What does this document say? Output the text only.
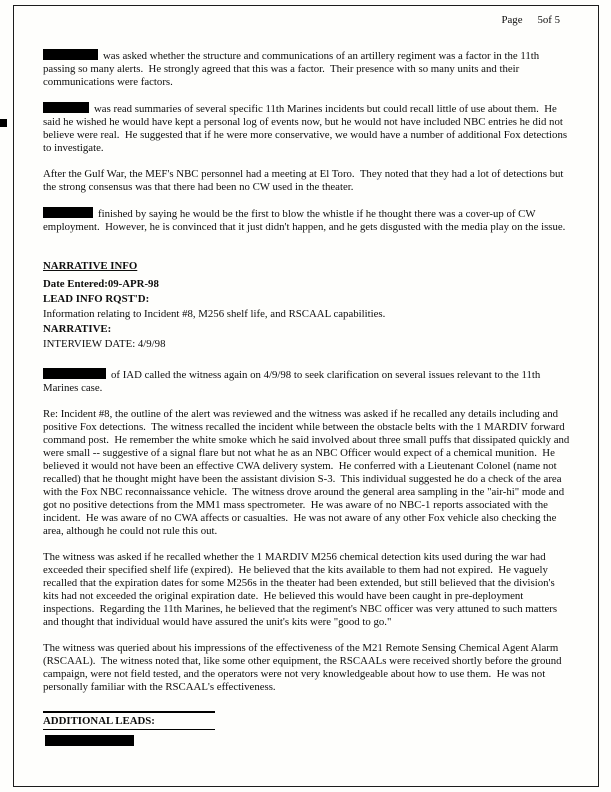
Page 5of 5

was asked whether the structure and communications of an artillery regiment was a factor in the 11th passing so many alerts.  He strongly agreed that this was a factor.  Their presence with so many units and their communications were factors.

was read summaries of several specific 11th Marines incidents but could recall little of use about them.  He said he wished he would have kept a personal log of events now, but he would not have included NBC entries he did not believe were real.  He suggested that if he were more conservative, we would have a number of additional Fox detections to investigate.

After the Gulf War, the MEF's NBC personnel had a meeting at El Toro.  They noted that they had a lot of detections but the strong consensus was that there had been no CW used in the theater.

finished by saying he would be the first to blow the whistle if he thought there was a cover-up of CW employment.  However, he is convinced that it just didn't happen, and he gets disgusted with the media play on the issue.

NARRATIVE INFO
Date Entered:09-APR-98
LEAD INFO RQST'D:
Information relating to Incident #8, M256 shelf life, and RSCAAL capabilities.
NARRATIVE:
INTERVIEW DATE: 4/9/98

of IAD called the witness again on 4/9/98 to seek clarification on several issues relevant to the 11th Marines case.

Re: Incident #8, the outline of the alert was reviewed and the witness was asked if he recalled any details including and positive Fox detections.  The witness recalled the incident while between the obstacle belts with the 1 MARDIV forward command post.  He remember the white smoke which he said involved about three small puffs that dissipated quickly and were small -- suggestive of a signal flare but not what he as an NBC Officer would expect of a chemical munition.  He believed it would not have been an effective CWA delivery system.  He conferred with a Lieutenant Colonel (name not recalled) that he thought might have been the assistant division S-3.  This individual suggested he do a check of the area with the Fox NBC reconnaissance vehicle.  The witness drove around the general area sampling in the "air-hi" mode and got no positive detections from the MM1 mass spectrometer.  He was aware of no NBC-1 reports associated with the incident.  He was aware of no CWA affects or casualties.  He was not aware of any other Fox vehicle also checking the area, although he could not rule this out.

The witness was asked if he recalled whether the 1 MARDIV M256 chemical detection kits used during the war had exceeded their specified shelf life (expired).  He believed that the kits available to them had not expired.  He vaguely recalled that the expiration dates for some M256s in the theater had been extended, but still believed that the division's kits had not exceeded the original expiration date.  He believed this would have been caught in pre-deployment inspections.  Regarding the 11th Marines, he believed that the regiment's NBC officer was very attuned to such matters and thought that individual would have assured the unit's kits were "good to go."

The witness was queried about his impressions of the effectiveness of the M21 Remote Sensing Chemical Agent Alarm (RSCAAL).  The witness noted that, like some other equipment, the RSCAALs were received shortly before the ground campaign, were not field tested, and the operators were not very knowledgeable about how to use them.  He was not personally familiar with the RSCAAL's effectiveness.

ADDITIONAL LEADS:
